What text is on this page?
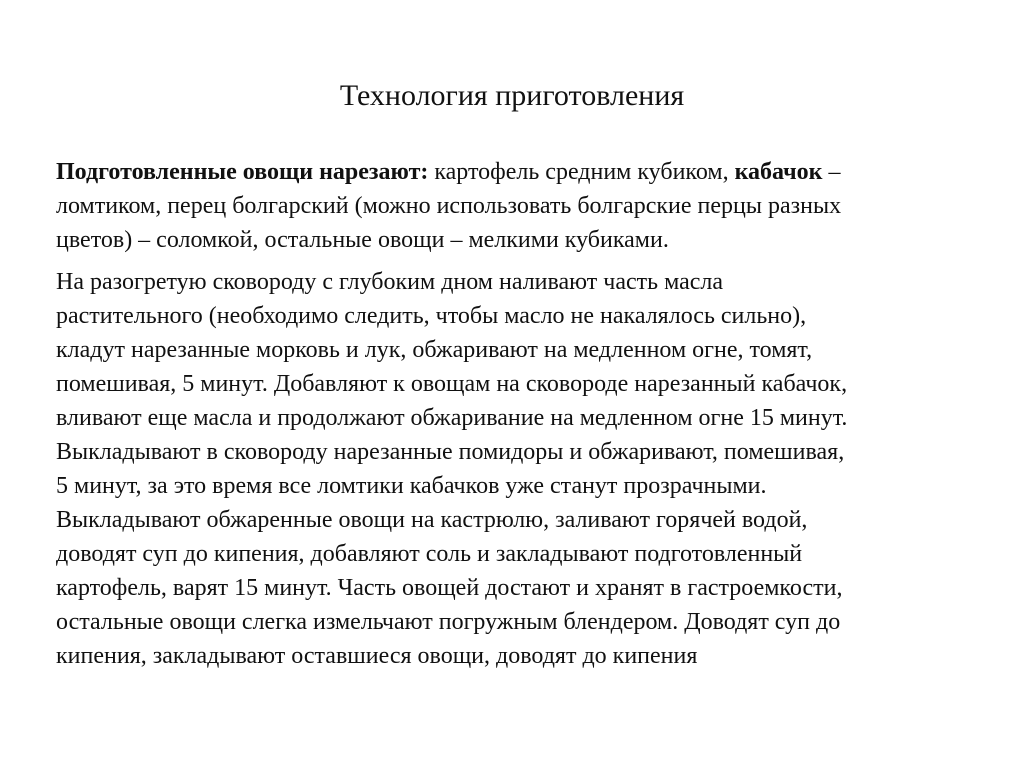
Технология приготовления

Подготовленные овощи нарезают: картофель средним кубиком, кабачок –
ломтиком, перец болгарский (можно использовать болгарские перцы разных
цветов) – соломкой, остальные овощи – мелкими кубиками.

На разогретую сковороду с глубоким дном наливают часть масла
растительного (необходимо следить, чтобы масло не накалялось сильно),
кладут нарезанные морковь и лук, обжаривают на медленном огне, томят,
помешивая, 5 минут. Добавляют к овощам на сковороде нарезанный кабачок,
вливают еще масла и продолжают обжаривание на медленном огне 15 минут.
Выкладывают в сковороду нарезанные помидоры и обжаривают, помешивая,
5 минут, за это время все ломтики кабачков уже станут прозрачными.
Выкладывают обжаренные овощи на кастрюлю, заливают горячей водой,
доводят суп до кипения, добавляют соль и закладывают подготовленный
картофель, варят 15 минут. Часть овощей достают и хранят в гастроемкости,
остальные овощи слегка измельчают погружным блендером. Доводят суп до
кипения, закладывают оставшиеся овощи, доводят до кипения
